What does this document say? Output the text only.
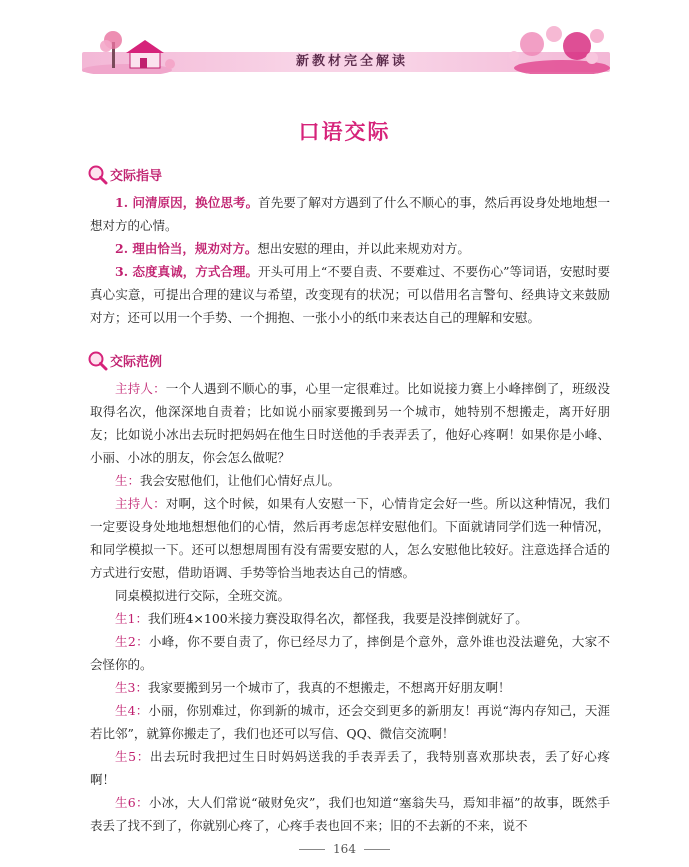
新教材完全解读
口语交际
交际指导
1. 问清原因，换位思考。首先要了解对方遇到了什么不顺心的事，然后再设身处地地想一想对方的心情。
2. 理由恰当，规劝对方。想出安慰的理由，并以此来规劝对方。
3. 态度真诚，方式合理。开头可用上“不要自责、不要难过、不要伤心”等词语，安慰时要真心实意，可提出合理的建议与希望，改变现有的状况；可以借用名言警句、经典诗文来鼓励对方；还可以用一个手势、一个拥抱、一张小小的纸巾来表达自己的理解和安慰。
交际范例
主持人：一个人遇到不顺心的事，心里一定很难过。比如说接力赛上小峰摔倒了，班级没取得名次，他深深地自责着；比如说小丽家要搬到另一个城市，她特别不想搬走，离开好朋友；比如说小冰出去玩时把妈妈在他生日时送他的手表弄丢了，他好心疼啊！如果你是小峰、小丽、小冰的朋友，你会怎么做呢？
生：我会安慰他们，让他们心情好点儿。
主持人：对啊，这个时候，如果有人安慰一下，心情肯定会好一些。所以这种情况，我们一定要设身处地地想想他们的心情，然后再考虑怎样安慰他们。下面就请同学们选一种情况，和同学模拟一下。还可以想想周围有没有需要安慰的人，怎么安慰他比较好。注意选择合适的方式进行安慰，借助语调、手势等恰当地表达自己的情感。
同桌模拟进行交际，全班交流。
生1：我们班4×100米接力赛没取得名次，都怪我，我要是没摔倒就好了。
生2：小峰，你不要自责了，你已经尽力了，摔倒是个意外，意外谁也没法避免，大家不会怪你的。
生3：我家要搬到另一个城市了，我真的不想搬走，不想离开好朋友啊！
生4：小丽，你别难过，你到新的城市，还会交到更多的新朋友！再说“海内存知己，天涯若比邻”，就算你搬走了，我们也还可以写信、QQ、微信交流啊！
生5：出去玩时我把过生日时妈妈送我的手表弄丢了，我特别喜欢那块表，丢了好心疼啊！
生6：小冰，大人们常说“破财免灾”，我们也知道“塞翁失马，焉知非福”的故事，既然手表丢了找不到了，你就别心疼了，心疼手表也回不来；旧的不去新的不来，说不
164
